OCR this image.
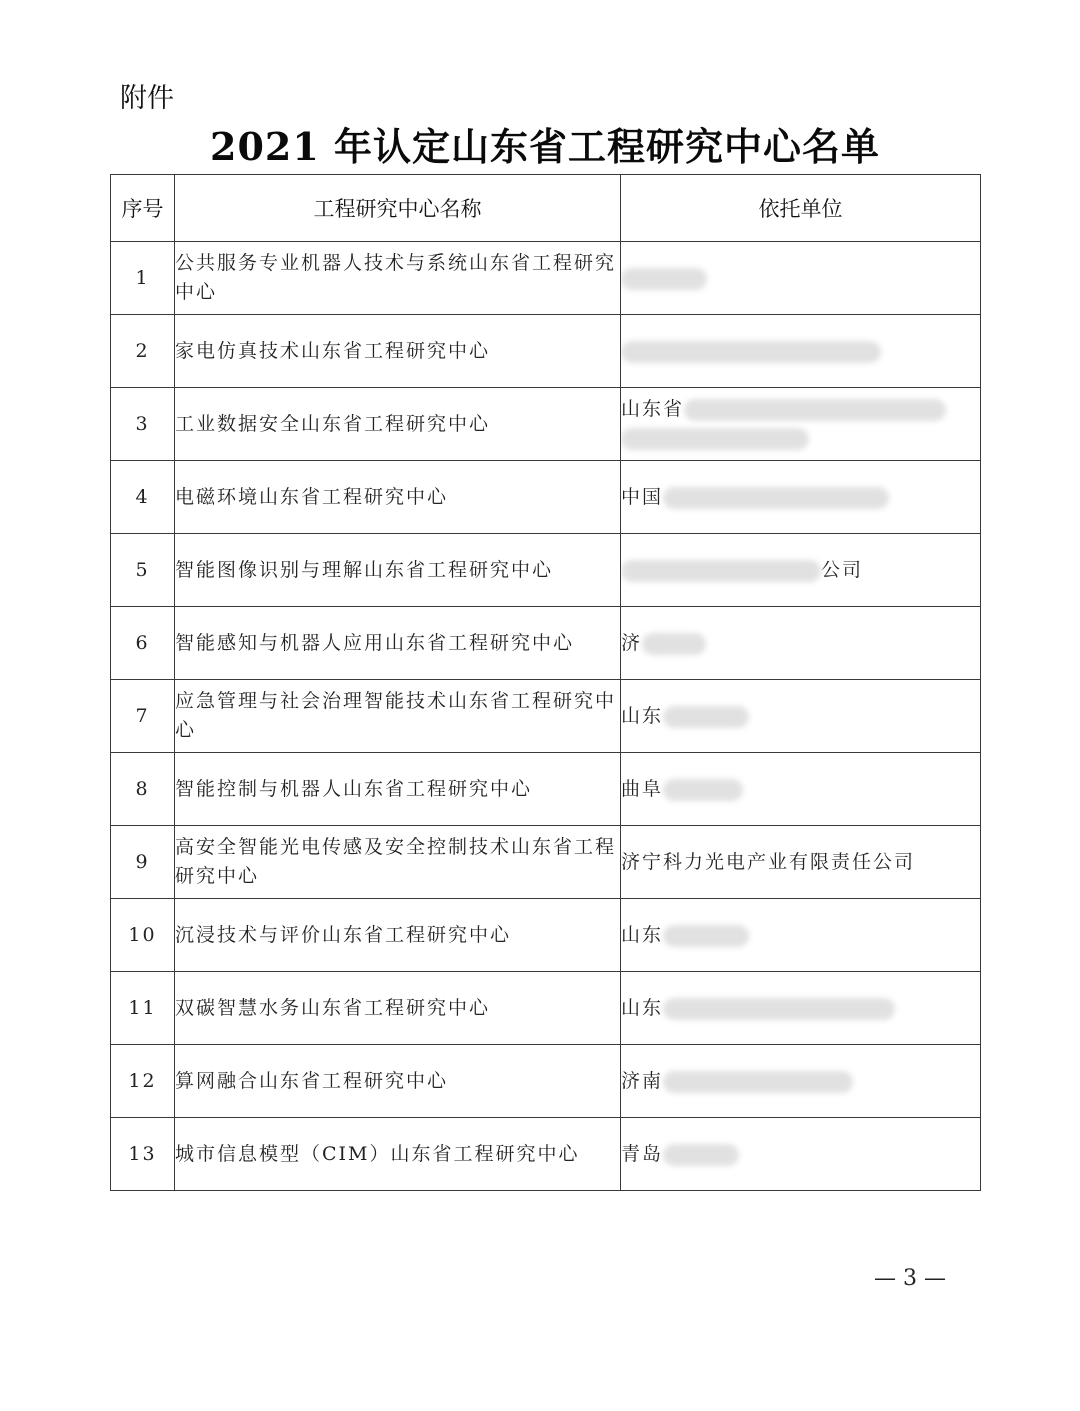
附件
2021 年认定山东省工程研究中心名单
序号	工程研究中心名称	依托单位
1	公共服务专业机器人技术与系统山东省工程研究中心	
2	家电仿真技术山东省工程研究中心	
3	工业数据安全山东省工程研究中心	山东省

4	电磁环境山东省工程研究中心	中国
5	智能图像识别与理解山东省工程研究中心	公司
6	智能感知与机器人应用山东省工程研究中心	济
7	应急管理与社会治理智能技术山东省工程研究中心	山东
8	智能控制与机器人山东省工程研究中心	曲阜
9	高安全智能光电传感及安全控制技术山东省工程研究中心	济宁科力光电产业有限责任公司
10	沉浸技术与评价山东省工程研究中心	山东
11	双碳智慧水务山东省工程研究中心	山东
12	算网融合山东省工程研究中心	济南
13	城市信息模型（CIM）山东省工程研究中心	青岛
— 3 —
